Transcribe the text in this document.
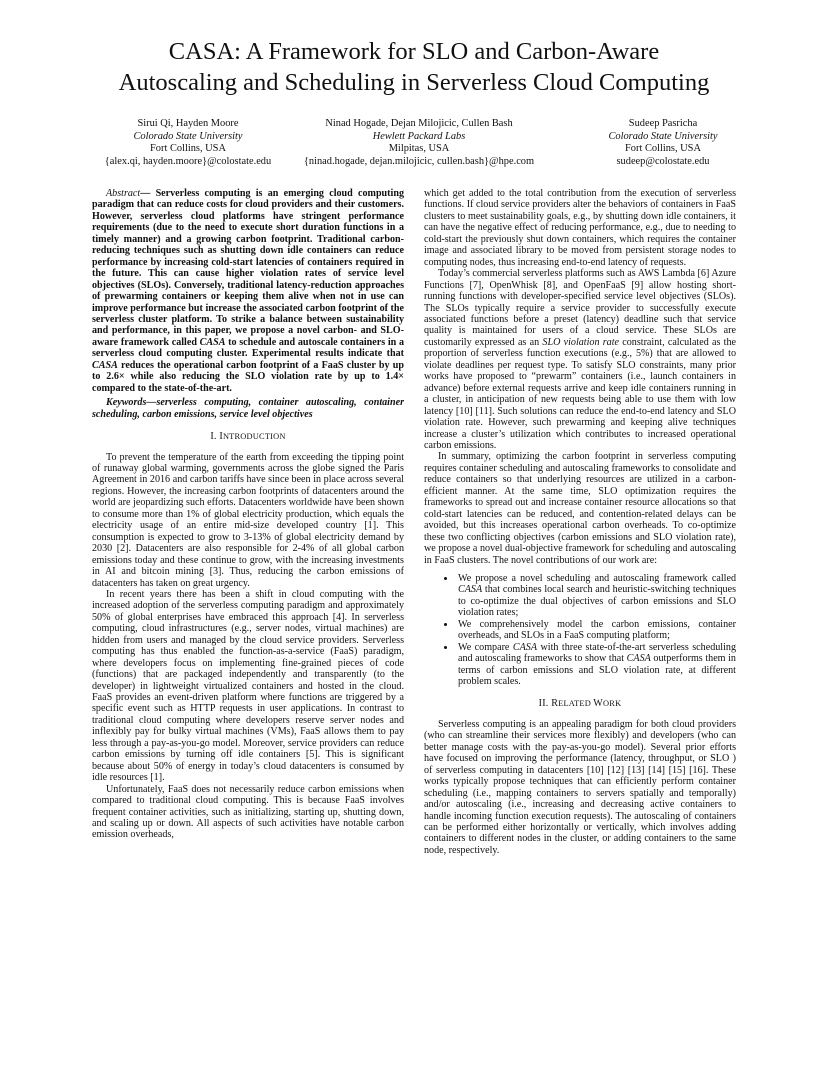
CASA: A Framework for SLO and Carbon-Aware
Autoscaling and Scheduling in Serverless Cloud Computing
Sirui Qi, Hayden Moore
Colorado State University
Fort Collins, USA
{alex.qi, hayden.moore}@colostate.edu
Ninad Hogade, Dejan Milojicic, Cullen Bash
Hewlett Packard Labs
Milpitas, USA
{ninad.hogade, dejan.milojicic, cullen.bash}@hpe.com
Sudeep Pasricha
Colorado State University
Fort Collins, USA
sudeep@colostate.edu

Abstract— Serverless computing is an emerging cloud computing paradigm that can reduce costs for cloud providers and their customers. However, serverless cloud platforms have stringent performance requirements (due to the need to execute short duration functions in a timely manner) and a growing carbon footprint. Traditional carbon-reducing techniques such as shutting down idle containers can reduce performance by increasing cold-start latencies of containers required in the future. This can cause higher violation rates of service level objectives (SLOs). Conversely, traditional latency-reduction approaches of prewarming containers or keeping them alive when not in use can improve performance but increase the associated carbon footprint of the serverless cluster platform. To strike a balance between sustainability and performance, in this paper, we propose a novel carbon- and SLO-aware framework called CASA to schedule and autoscale containers in a serverless cloud computing cluster. Experimental results indicate that CASA reduces the operational carbon footprint of a FaaS cluster by up to 2.6× while also reducing the SLO violation rate by up to 1.4× compared to the state-of-the-art.

Keywords—serverless computing, container autoscaling, container scheduling, carbon emissions, service level objectives

I. INTRODUCTION

To prevent the temperature of the earth from exceeding the tipping point of runaway global warming, governments across the globe signed the Paris Agreement in 2016 and carbon tariffs have since been in place across several regions. However, the increasing carbon footprints of datacenters around the world are jeopardizing such efforts. Datacenters worldwide have been shown to consume more than 1% of global electricity production, which equals the electricity usage of an entire mid-size developed country [1]. This consumption is expected to grow to 3-13% of global electricity demand by 2030 [2]. Datacenters are also responsible for 2-4% of all global carbon emissions today and these continue to grow, with the increasing investments in AI and bitcoin mining [3]. Thus, reducing the carbon emissions of datacenters has taken on great urgency.

In recent years there has been a shift in cloud computing with the increased adoption of the serverless computing paradigm and approximately 50% of global enterprises have embraced this approach [4]. In serverless computing, cloud infrastructures (e.g., server nodes, virtual machines) are hidden from users and managed by the cloud service providers. Serverless computing has thus enabled the function-as-a-service (FaaS) paradigm, where developers focus on implementing fine-grained pieces of code (functions) that are packaged independently and transparently (to the developer) in lightweight virtualized containers and hosted in the cloud. FaaS provides an event-driven platform where functions are triggered by a specific event such as HTTP requests in user applications. In contrast to traditional cloud computing where developers reserve server nodes and inflexibly pay for bulky virtual machines (VMs), FaaS allows them to pay less through a pay-as-you-go model. Moreover, service providers can reduce carbon emissions by turning off idle containers [5]. This is significant because about 50% of energy in today’s cloud datacenters is consumed by idle resources [1].

Unfortunately, FaaS does not necessarily reduce carbon emissions when compared to traditional cloud computing. This is because FaaS involves frequent container activities, such as initializing, starting up, shutting down, and scaling up or down. All aspects of such activities have notable carbon emission overheads,

which get added to the total contribution from the execution of serverless functions. If cloud service providers alter the behaviors of containers in FaaS clusters to meet sustainability goals, e.g., by shutting down idle containers, it can have the negative effect of reducing performance, e.g., due to needing to cold-start the previously shut down containers, which requires the container image and associated library to be moved from persistent storage nodes to computing nodes, thus increasing end-to-end latency of requests.

Today’s commercial serverless platforms such as AWS Lambda [6] Azure Functions [7], OpenWhisk [8], and OpenFaaS [9] allow hosting short-running functions with developer-specified service level objectives (SLOs). The SLOs typically require a service provider to successfully execute associated functions before a preset (latency) deadline such that service quality is maintained for users of a cloud service. These SLOs are customarily expressed as an SLO violation rate constraint, calculated as the proportion of serverless function executions (e.g., 5%) that are allowed to violate deadlines per request type. To satisfy SLO constraints, many prior works have proposed to “prewarm” containers (i.e., launch containers in advance) before external requests arrive and keep idle containers running in a cluster, in anticipation of new requests being able to use them with low latency [10] [11]. Such solutions can reduce the end-to-end latency and SLO violation rate. However, such prewarming and keeping alive techniques increase a cluster’s utilization which contributes to increased operational carbon emissions.

In summary, optimizing the carbon footprint in serverless computing requires container scheduling and autoscaling frameworks to consolidate and reduce containers so that underlying resources are utilized in a carbon-efficient manner. At the same time, SLO optimization requires the frameworks to spread out and increase container resource allocations so that cold-start latencies can be reduced, and contention-related delays can be avoided, but this increases operational carbon overheads. To co-optimize these two conflicting objectives (carbon emissions and SLO violation rate), we propose a novel dual-objective framework for scheduling and autoscaling in FaaS clusters. The novel contributions of our work are:

• We propose a novel scheduling and autoscaling framework called CASA that combines local search and heuristic-switching techniques to co-optimize the dual objectives of carbon emissions and SLO violation rates;
• We comprehensively model the carbon emissions, container overheads, and SLOs in a FaaS computing platform;
• We compare CASA with three state-of-the-art serverless scheduling and autoscaling frameworks to show that CASA outperforms them in terms of carbon emissions and SLO violation rate, at different problem scales.

II. RELATED WORK

Serverless computing is an appealing paradigm for both cloud providers (who can streamline their services more flexibly) and developers (who can better manage costs with the pay-as-you-go model). Several prior efforts have focused on improving the performance (latency, throughput, or SLO ) of serverless computing in datacenters [10] [12] [13] [14] [15] [16]. These works typically propose techniques that can efficiently perform container scheduling (i.e., mapping containers to servers spatially and temporally) and/or autoscaling (i.e., increasing and decreasing active containers to handle incoming function execution requests). The autoscaling of containers can be performed either horizontally or vertically, which involves adding containers to different nodes in the cluster, or adding containers to the same node, respectively.
